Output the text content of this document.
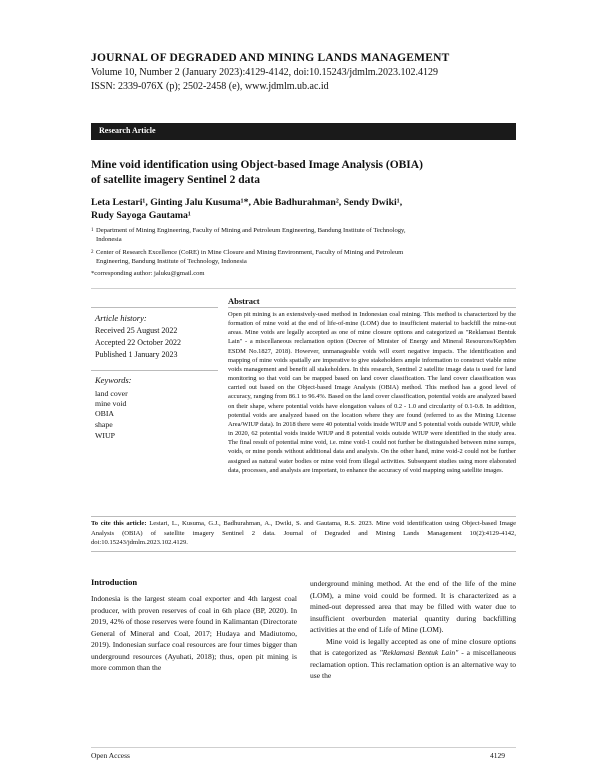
JOURNAL OF DEGRADED AND MINING LANDS MANAGEMENT
Volume 10, Number 2 (January 2023):4129-4142, doi:10.15243/jdmlm.2023.102.4129
ISSN: 2339-076X (p); 2502-2458 (e), www.jdmlm.ub.ac.id
Research Article
Mine void identification using Object-based Image Analysis (OBIA)
of satellite imagery Sentinel 2 data
Leta Lestari¹, Ginting Jalu Kusuma¹*, Abie Badhurahman², Sendy Dwiki¹,
Rudy Sayoga Gautama¹
1 Department of Mining Engineering, Faculty of Mining and Petroleum Engineering, Bandung Institute of Technology,
Indonesia
2 Center of Research Excellence (CoRE) in Mine Closure and Mining Environment, Faculty of Mining and Petroleum
Engineering, Bandung Institute of Technology, Indonesia
*corresponding author: jaluku@gmail.com
Abstract
Open pit mining is an extensively-used method in Indonesian coal mining. This method is characterized by the formation of mine void at the end of life-of-mine (LOM) due to insufficient material to backfill the mine-out areas. Mine voids are legally accepted as one of mine closure options and categorized as "Reklamasi Bentuk Lain" - a miscellaneous reclamation option (Decree of Minister of Energy and Mineral Resources/KepMen ESDM No.1827, 2018). However, unmanageable voids will exert negative impacts. The identification and mapping of mine voids spatially are imperative to give stakeholders ample information to construct viable mine voids management and benefit all stakeholders. In this research, Sentinel 2 satellite image data is used for land monitoring so that void can be mapped based on land cover classification. The land cover classification was carried out based on the Object-based Image Analysis (OBIA) method. This method has a good level of accuracy, ranging from 86.1 to 96.4%. Based on the land cover classification, potential voids are analyzed based on their shape, where potential voids have elongation values of 0.2 - 1.0 and circularity of 0.1-0.8. In addition, potential voids are analyzed based on the location where they are found (referred to as the Mining License Area/WIUP data). In 2018 there were 40 potential voids inside WIUP and 5 potential voids outside WIUP, while in 2020, 62 potential voids inside WIUP and 8 potential voids outside WIUP were identified in the study area. The final result of potential mine void, i.e. mine void-1 could not further be distinguished between mine sumps, voids, or mine ponds without additional data and analysis. On the other hand, mine void-2 could not be further assigned as natural water bodies or mine void from illegal activities. Subsequent studies using more elaborated data, processes, and analysis are important, to enhance the accuracy of void mapping using satellite images.
Article history:
Received 25 August 2022
Accepted 22 October 2022
Published 1 January 2023
Keywords:
land cover
mine void
OBIA
shape
WIUP
To cite this article: Lestari, L., Kusuma, G.J., Badhurahman, A., Dwiki, S. and Gautama, R.S. 2023. Mine void identification using Object-based Image Analysis (OBIA) of satellite imagery Sentinel 2 data. Journal of Degraded and Mining Lands Management 10(2):4129-4142, doi:10.15243/jdmlm.2023.102.4129.
Introduction
Indonesia is the largest steam coal exporter and 4th largest coal producer, with proven reserves of coal in 6th place (BP, 2020). In 2019, 42% of those reserves were found in Kalimantan (Directorate General of Mineral and Coal, 2017; Hudaya and Madiutomo, 2019). Indonesian surface coal resources are four times bigger than underground resources (Ayuhati, 2018); thus, open pit mining is more common than the
underground mining method. At the end of the life of the mine (LOM), a mine void could be formed. It is characterized as a mined-out depressed area that may be filled with water due to insufficient overburden material quantity during backfilling activities at the end of Life of Mine (LOM).
Mine void is legally accepted as one of mine closure options that is categorized as "Reklamasi Bentuk Lain" - a miscellaneous reclamation option. This reclamation option is an alternative way to use the
Open Access	4129
